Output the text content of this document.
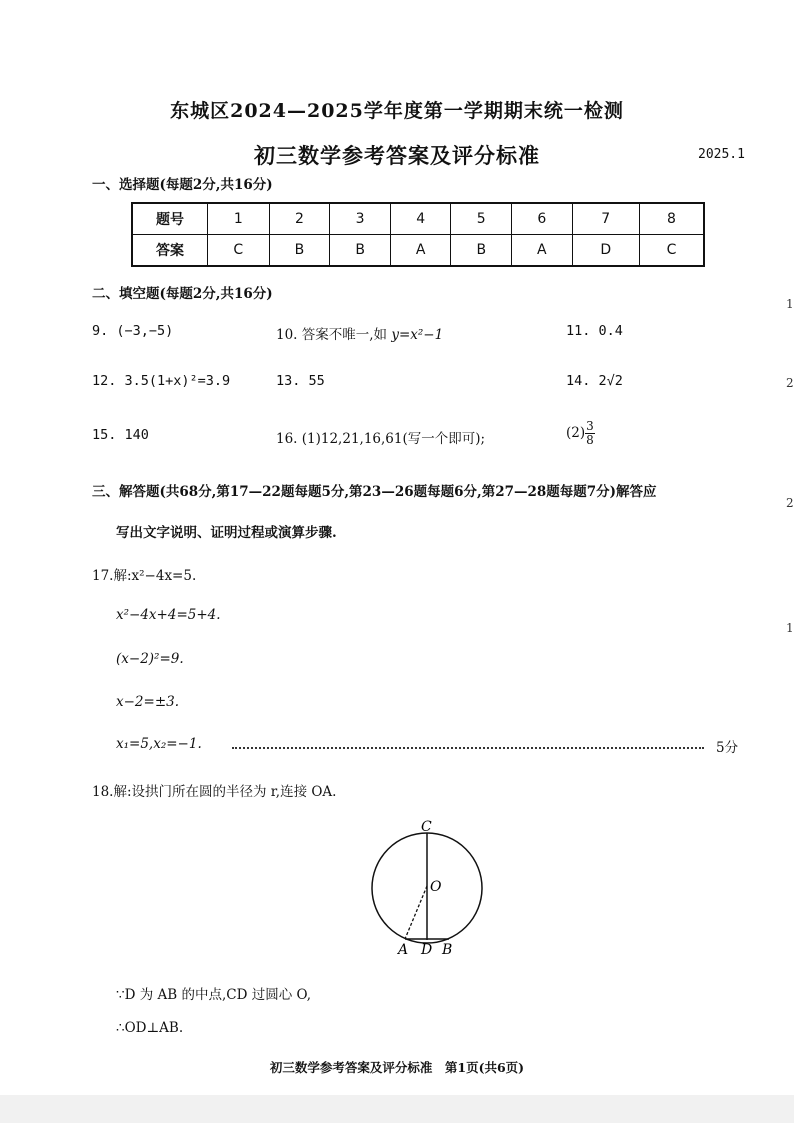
东城区2024—2025学年度第一学期期末统一检测
初三数学参考答案及评分标准	2025.1
一、选择题(每题2分,共16分)
题号	1	2	3	4	5	6	7	8
答案	C	B	B	A	B	A	D	C
二、填空题(每题2分,共16分)
9. (−3,−5)	10. 答案不唯一,如 y=x²−1	11. 0.4
12. 3.5(1+x)²=3.9	13. 55	14. 2√2
15. 140	16. (1)12,21,16,61(写一个即可);	$(2) \frac{3}{8}$
三、解答题(共68分,第17—22题每题5分,第23—26题每题6分,第27—28题每题7分)解答应
写出文字说明、证明过程或演算步骤.
17.解:x²−4x=5.
x²−4x+4=5+4.
(x−2)²=9.
x−2=±3.
x₁=5,x₂=−1.	5分
18.解:设拱门所在圆的半径为 r,连接 OA.
C
O
A D B
∵D 为 AB 的中点,CD 过圆心 O,
∴OD⊥AB.
1
2
2
1
初三数学参考答案及评分标准　第1页(共6页)
